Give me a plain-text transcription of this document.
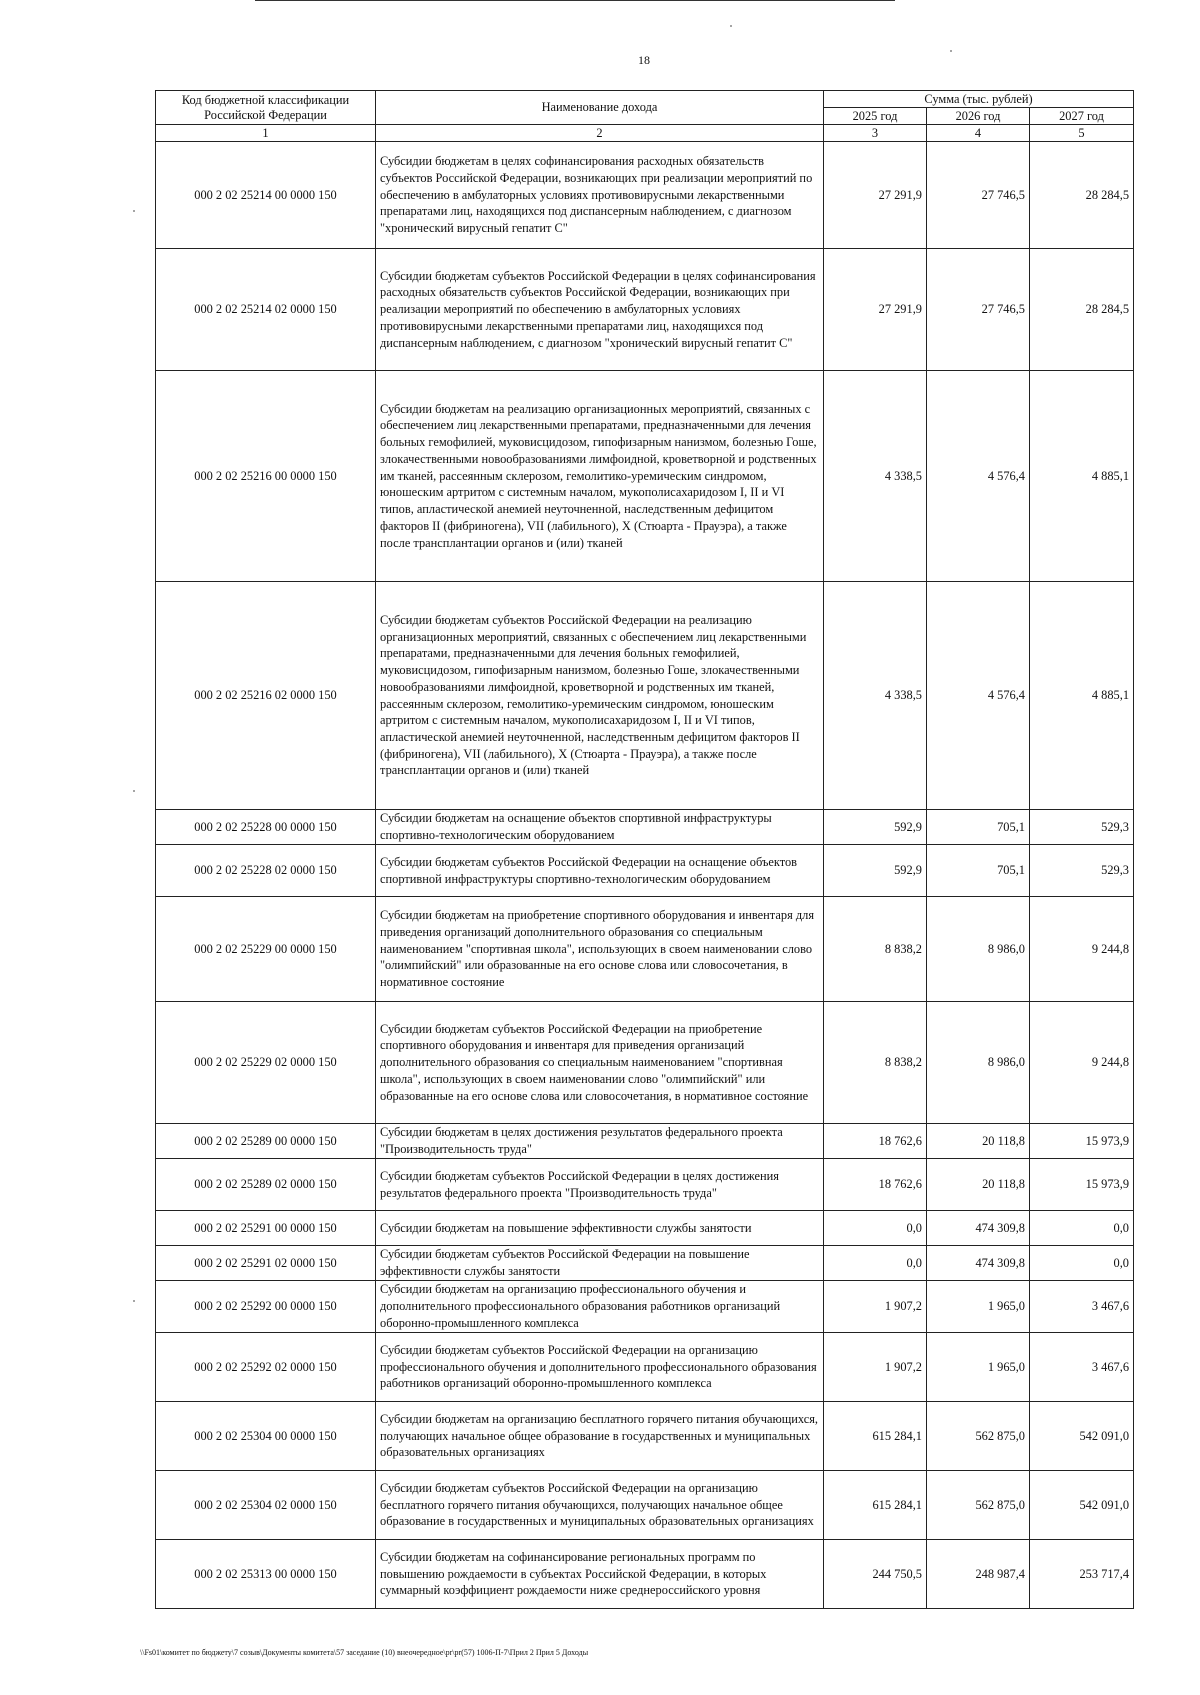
18
Код бюджетной классификации Российской Федерации	Наименование дохода	Сумма (тыс. рублей)		
		2025 год	2026 год	2027 год
1	2	3	4	5
000 2 02 25214 00 0000 150	Субсидии бюджетам в целях софинансирования расходных обязательств субъектов Российской Федерации, возникающих при реализации мероприятий по обеспечению в амбулаторных условиях противовирусными лекарственными препаратами лиц, находящихся под диспансерным наблюдением, с диагнозом "хронический вирусный гепатит С"	27 291,9	27 746,5	28 284,5
000 2 02 25214 02 0000 150	Субсидии бюджетам субъектов Российской Федерации в целях софинансирования расходных обязательств субъектов Российской Федерации, возникающих при реализации мероприятий по обеспечению в амбулаторных условиях противовирусными лекарственными препаратами лиц, находящихся под диспансерным наблюдением, с диагнозом "хронический вирусный гепатит С"	27 291,9	27 746,5	28 284,5
000 2 02 25216 00 0000 150	Субсидии бюджетам на реализацию организационных мероприятий, связанных с обеспечением лиц лекарственными препаратами, предназначенными для лечения больных гемофилией, муковисцидозом, гипофизарным нанизмом, болезнью Гоше, злокачественными новообразованиями лимфоидной, кроветворной и родственных им тканей, рассеянным склерозом, гемолитико-уремическим синдромом, юношеским артритом с системным началом, мукополисахаридозом I, II и VI типов, апластической анемией неуточненной, наследственным дефицитом факторов II (фибриногена), VII (лабильного), X (Стюарта - Прауэра), а также после трансплантации органов и (или) тканей	4 338,5	4 576,4	4 885,1
000 2 02 25216 02 0000 150	Субсидии бюджетам субъектов Российской Федерации на реализацию организационных мероприятий, связанных с обеспечением лиц лекарственными препаратами, предназначенными для лечения больных гемофилией, муковисцидозом, гипофизарным нанизмом, болезнью Гоше, злокачественными новообразованиями лимфоидной, кроветворной и родственных им тканей, рассеянным склерозом, гемолитико-уремическим синдромом, юношеским артритом с системным началом, мукополисахаридозом I, II и VI типов, апластической анемией неуточненной, наследственным дефицитом факторов II (фибриногена), VII (лабильного), X (Стюарта - Прауэра), а также после трансплантации органов и (или) тканей	4 338,5	4 576,4	4 885,1
000 2 02 25228 00 0000 150	Субсидии бюджетам на оснащение объектов спортивной инфраструктуры спортивно-технологическим оборудованием	592,9	705,1	529,3
000 2 02 25228 02 0000 150	Субсидии бюджетам субъектов Российской Федерации на оснащение объектов спортивной инфраструктуры спортивно-технологическим оборудованием	592,9	705,1	529,3
000 2 02 25229 00 0000 150	Субсидии бюджетам на приобретение спортивного оборудования и инвентаря для приведения организаций дополнительного образования со специальным наименованием "спортивная школа", использующих в своем наименовании слово "олимпийский" или образованные на его основе слова или словосочетания, в нормативное состояние	8 838,2	8 986,0	9 244,8
000 2 02 25229 02 0000 150	Субсидии бюджетам субъектов Российской Федерации на приобретение спортивного оборудования и инвентаря для приведения организаций дополнительного образования со специальным наименованием "спортивная школа", использующих в своем наименовании слово "олимпийский" или образованные на его основе слова или словосочетания, в нормативное состояние	8 838,2	8 986,0	9 244,8
000 2 02 25289 00 0000 150	Субсидии бюджетам в целях достижения результатов федерального проекта "Производительность труда"	18 762,6	20 118,8	15 973,9
000 2 02 25289 02 0000 150	Субсидии бюджетам субъектов Российской Федерации в целях достижения результатов федерального проекта "Производительность труда"	18 762,6	20 118,8	15 973,9
000 2 02 25291 00 0000 150	Субсидии бюджетам на повышение эффективности службы занятости	0,0	474 309,8	0,0
000 2 02 25291 02 0000 150	Субсидии бюджетам субъектов Российской Федерации на повышение эффективности службы занятости	0,0	474 309,8	0,0
000 2 02 25292 00 0000 150	Субсидии бюджетам на организацию профессионального обучения и дополнительного профессионального образования работников организаций оборонно-промышленного комплекса	1 907,2	1 965,0	3 467,6
000 2 02 25292 02 0000 150	Субсидии бюджетам субъектов Российской Федерации на организацию профессионального обучения и дополнительного профессионального образования работников организаций оборонно-промышленного комплекса	1 907,2	1 965,0	3 467,6
000 2 02 25304 00 0000 150	Субсидии бюджетам на организацию бесплатного горячего питания обучающихся, получающих начальное общее образование в государственных и муниципальных образовательных организациях	615 284,1	562 875,0	542 091,0
000 2 02 25304 02 0000 150	Субсидии бюджетам субъектов Российской Федерации на организацию бесплатного горячего питания обучающихся, получающих начальное общее образование в государственных и муниципальных образовательных организациях	615 284,1	562 875,0	542 091,0
000 2 02 25313 00 0000 150	Субсидии бюджетам на софинансирование региональных программ по повышению рождаемости в субъектах Российской Федерации, в которых суммарный коэффициент рождаемости ниже среднероссийского уровня	244 750,5	248 987,4	253 717,4
\\Fs01\комитет по бюджету\7 созыв\Документы комитета\57 заседание (10) внеочередное\pr\pr(57) 1006-П-7\Прил 2 Прил 5 Доходы
